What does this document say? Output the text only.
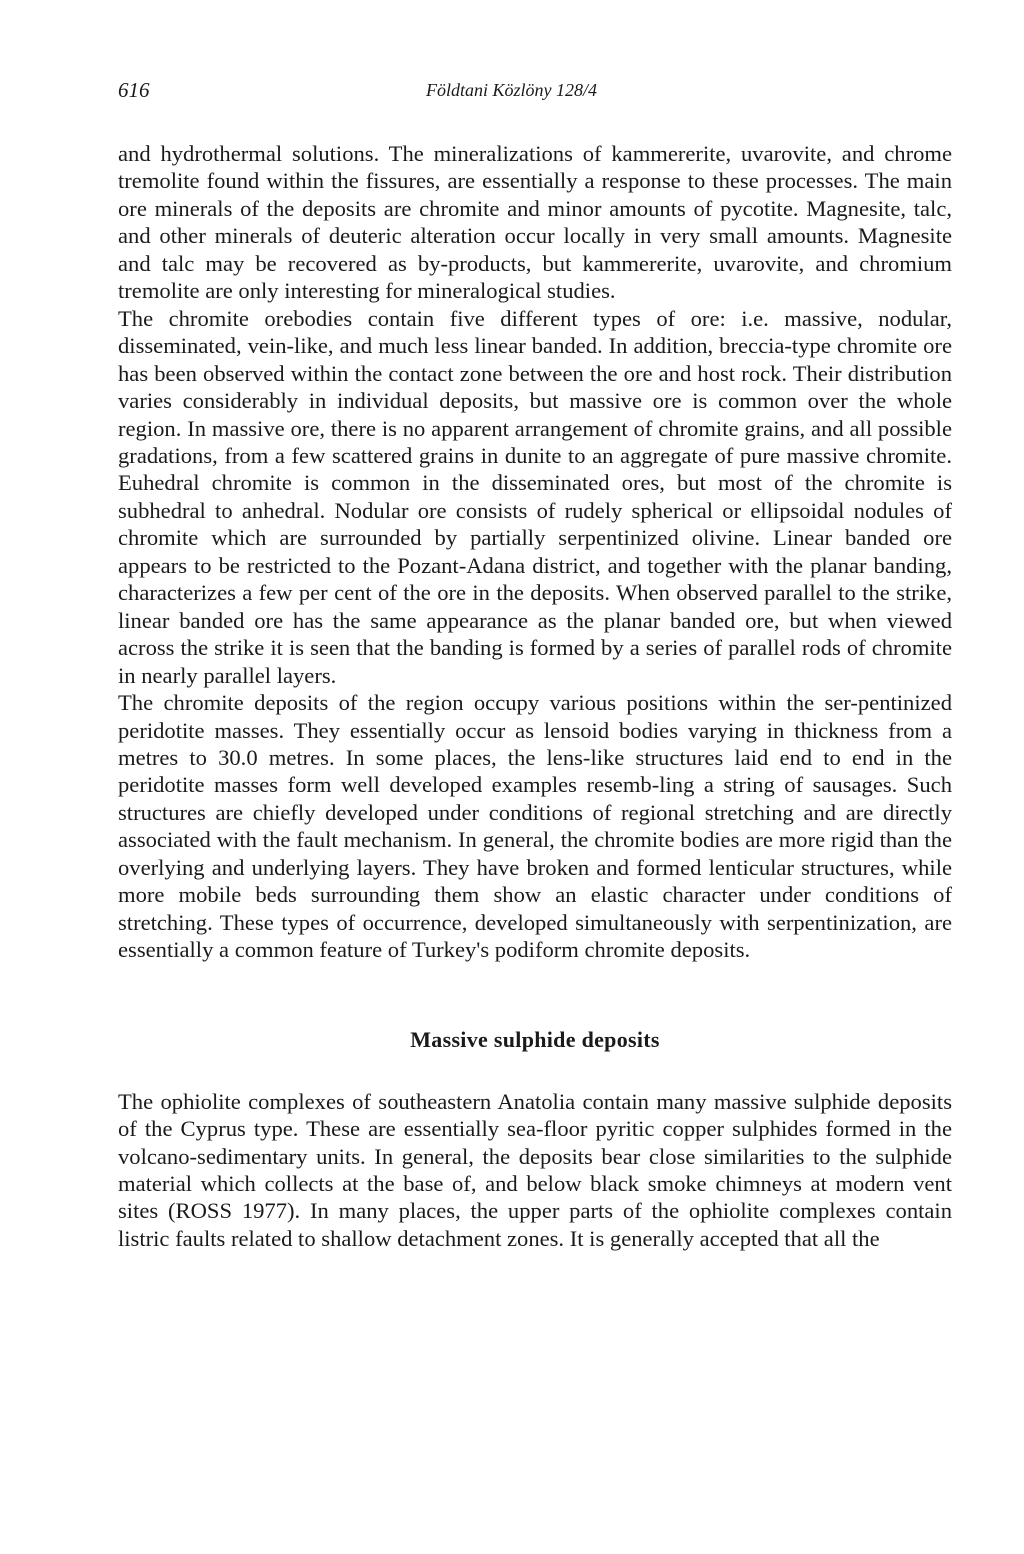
616	Földtani Közlöny 128/4

and hydrothermal solutions. The mineralizations of kammererite, uvarovite, and chrome tremolite found within the fissures, are essentially a response to these processes. The main ore minerals of the deposits are chromite and minor amounts of pycotite. Magnesite, talc, and other minerals of deuteric alteration occur locally in very small amounts. Magnesite and talc may be recovered as by-products, but kammererite, uvarovite, and chromium tremolite are only interesting for mineralogical studies.

The chromite orebodies contain five different types of ore: i.e. massive, nodular, disseminated, vein-like, and much less linear banded. In addition, breccia-type chromite ore has been observed within the contact zone between the ore and host rock. Their distribution varies considerably in individual deposits, but massive ore is common over the whole region. In massive ore, there is no apparent arrangement of chromite grains, and all possible gradations, from a few scattered grains in dunite to an aggregate of pure massive chromite. Euhedral chromite is common in the disseminated ores, but most of the chromite is subhedral to anhedral. Nodular ore consists of rudely spherical or ellipsoidal nodules of chromite which are surrounded by partially serpentinized olivine. Linear banded ore appears to be restricted to the Pozant-Adana district, and together with the planar banding, characterizes a few per cent of the ore in the deposits. When observed parallel to the strike, linear banded ore has the same appearance as the planar banded ore, but when viewed across the strike it is seen that the banding is formed by a series of parallel rods of chromite in nearly parallel layers.

The chromite deposits of the region occupy various positions within the ser-pentinized peridotite masses. They essentially occur as lensoid bodies varying in thickness from a metres to 30.0 metres. In some places, the lens-like structures laid end to end in the peridotite masses form well developed examples resemb-ling a string of sausages. Such structures are chiefly developed under conditions of regional stretching and are directly associated with the fault mechanism. In general, the chromite bodies are more rigid than the overlying and underlying layers. They have broken and formed lenticular structures, while more mobile beds surrounding them show an elastic character under conditions of stretching. These types of occurrence, developed simultaneously with serpentinization, are essentially a common feature of Turkey's podiform chromite deposits.

Massive sulphide deposits

The ophiolite complexes of southeastern Anatolia contain many massive sulphide deposits of the Cyprus type. These are essentially sea-floor pyritic copper sulphides formed in the volcano-sedimentary units. In general, the deposits bear close similarities to the sulphide material which collects at the base of, and below black smoke chimneys at modern vent sites (ROSS 1977). In many places, the upper parts of the ophiolite complexes contain listric faults related to shallow detachment zones. It is generally accepted that all the
